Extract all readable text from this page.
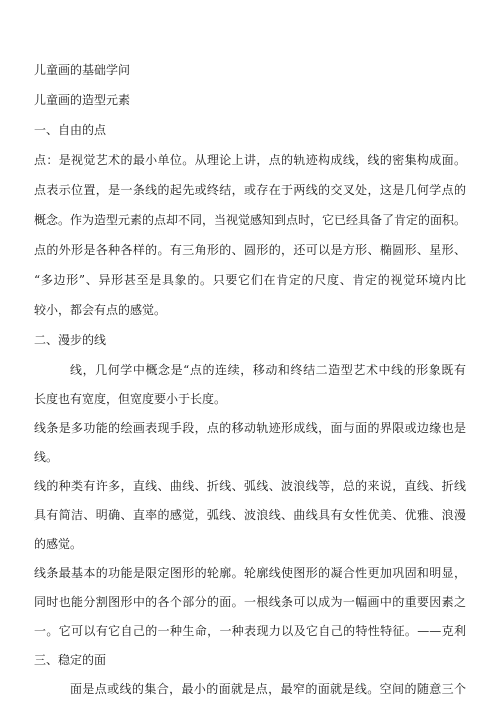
儿童画的基础学问
儿童画的造型元素
一、自由的点
点：是视觉艺术的最小单位。从理论上讲，点的轨迹构成线，线的密集构成面。
点表示位置，是一条线的起先或终结，或存在于两线的交叉处，这是几何学点的
概念。作为造型元素的点却不同，当视觉感知到点时，它已经具备了肯定的面积。
点的外形是各种各样的。有三角形的、圆形的，还可以是方形、椭圆形、星形、
“多边形”、异形甚至是具象的。只要它们在肯定的尺度、肯定的视觉环境内比
较小，都会有点的感觉。
二、漫步的线
线，几何学中概念是“点的连续，移动和终结二造型艺术中线的形象既有
长度也有宽度，但宽度要小于长度。
线条是多功能的绘画表现手段，点的移动轨迹形成线，面与面的界限或边缘也是
线。
线的种类有许多，直线、曲线、折线、弧线、波浪线等，总的来说，直线、折线
具有简洁、明确、直率的感觉，弧线、波浪线、曲线具有女性优美、优雅、浪漫
的感觉。
线条最基本的功能是限定图形的轮廓。轮廓线使图形的凝合性更加巩固和明显，
同时也能分割图形中的各个部分的面。一根线条可以成为一幅画中的重要因素之
一。它可以有它自己的一种生命，一种表现力以及它自己的特性特征。——克利
三、稳定的面
面是点或线的集合，最小的面就是点，最窄的面就是线。空间的随意三个
